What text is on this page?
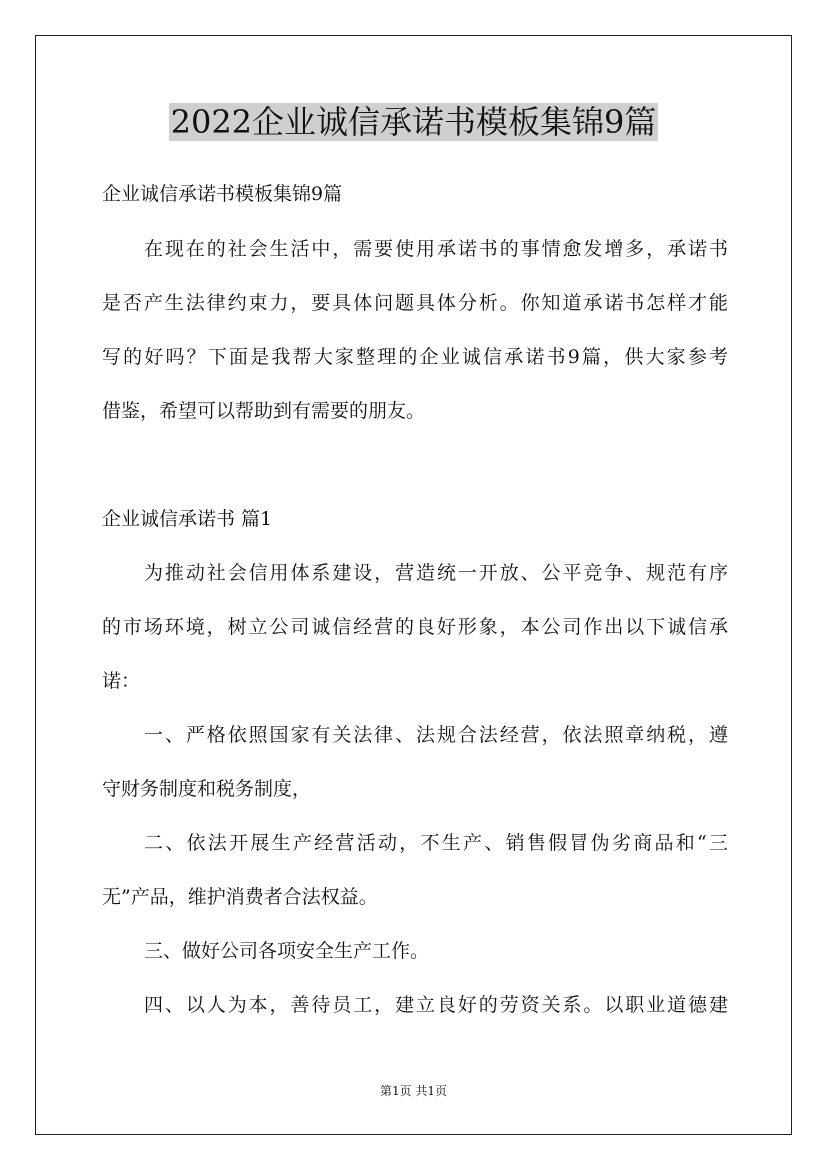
2022企业诚信承诺书模板集锦9篇

企业诚信承诺书模板集锦9篇

在现在的社会生活中，需要使用承诺书的事情愈发增多，承诺书

是否产生法律约束力，要具体问题具体分析。你知道承诺书怎样才能

写的好吗？下面是我帮大家整理的企业诚信承诺书9篇，供大家参考

借鉴，希望可以帮助到有需要的朋友。

企业诚信承诺书 篇1

为推动社会信用体系建设，营造统一开放、公平竞争、规范有序

的市场环境，树立公司诚信经营的良好形象，本公司作出以下诚信承

诺：

一、严格依照国家有关法律、法规合法经营，依法照章纳税，遵

守财务制度和税务制度，

二、依法开展生产经营活动，不生产、销售假冒伪劣商品和“三

无”产品，维护消费者合法权益。

三、做好公司各项安全生产工作。

四、以人为本，善待员工，建立良好的劳资关系。以职业道德建

第1页 共1页
